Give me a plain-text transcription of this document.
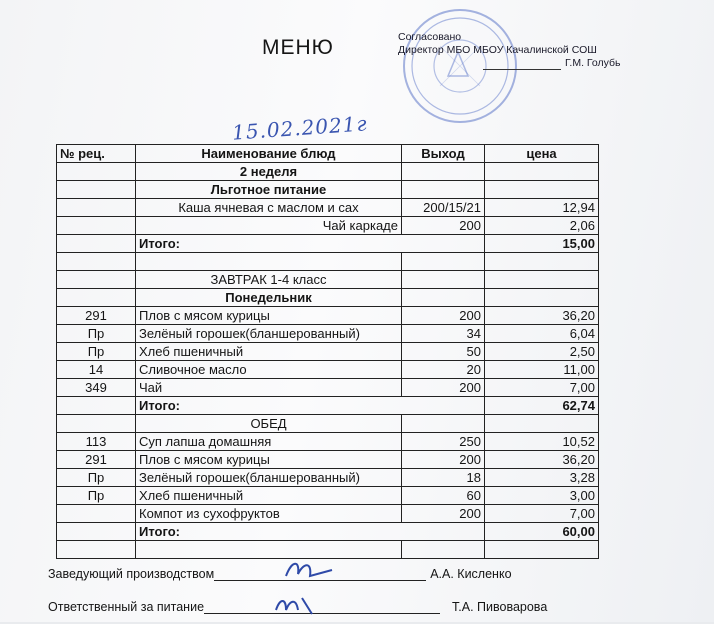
МЕНЮ	Согласовано
Директор МБО МБОУ Качалинской СОШ
Г.М. Голубь
15.02.2021г
№ рец.	Наименование блюд	Выход	цена
	2 неделя		
	Льготное питание		
	Каша ячневая с маслом и сах	200/15/21	12,94
	Чай каркаде	200	2,06
	Итого:		15,00

	ЗАВТРАК 1-4 класс		
	Понедельник		
291	Плов с мясом курицы	200	36,20
Пр	Зелёный горошек(бланшерованный)	34	6,04
Пр	Хлеб пшеничный	50	2,50
14	Сливочное масло	20	11,00
349	Чай	200	7,00
	Итого:		62,74
	ОБЕД		
113	Суп лапша домашняя	250	10,52
291	Плов с мясом курицы	200	36,20
Пр	Зелёный горошек(бланшерованный)	18	3,28
Пр	Хлеб пшеничный	60	3,00
	Компот из сухофруктов	200	7,00
	Итого:		60,00

Заведующий производством	А.А. Кисленко
Ответственный за питание	Т.А. Пивоварова
